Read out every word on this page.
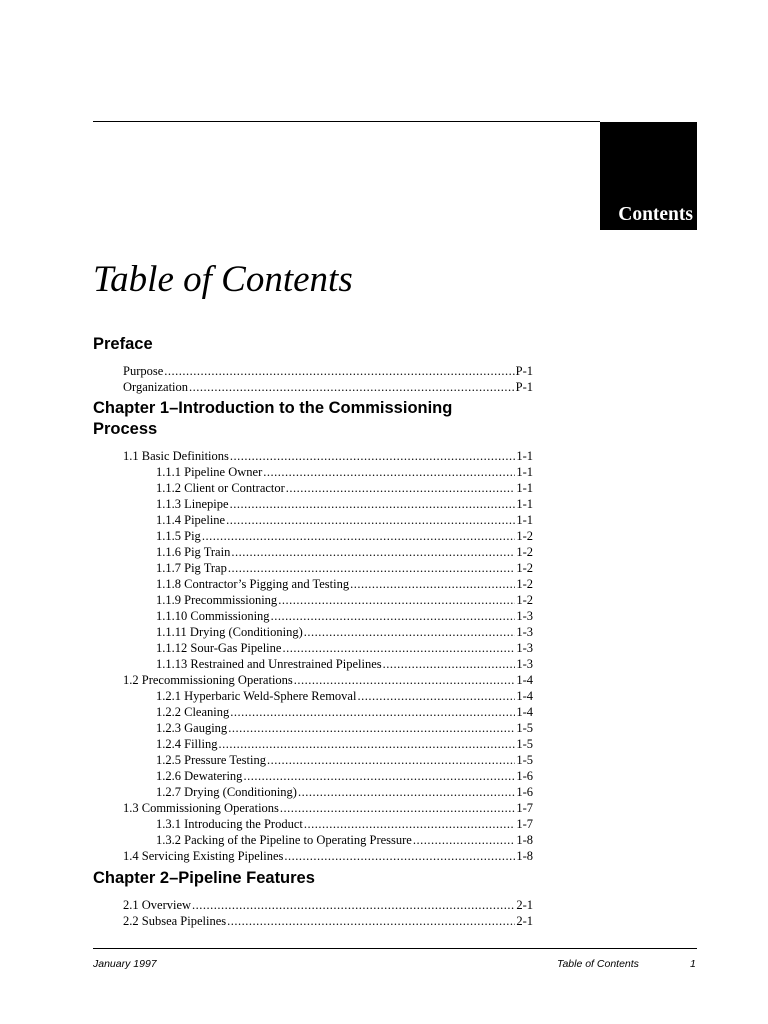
Contents
Table of Contents
Preface
Purpose .....	P-1
Organization .....	P-1
Chapter 1–Introduction to the Commissioning Process
1.1 Basic Definitions .....	1-1
1.1.1 Pipeline Owner .....	1-1
1.1.2 Client or Contractor .....	1-1
1.1.3 Linepipe .....	1-1
1.1.4 Pipeline .....	1-1
1.1.5 Pig .....	1-2
1.1.6 Pig Train .....	1-2
1.1.7 Pig Trap .....	1-2
1.1.8 Contractor’s Pigging and Testing .....	1-2
1.1.9 Precommissioning .....	1-2
1.1.10 Commissioning .....	1-3
1.1.11 Drying (Conditioning) .....	1-3
1.1.12 Sour-Gas Pipeline .....	1-3
1.1.13 Restrained and Unrestrained Pipelines .....	1-3
1.2 Precommissioning Operations .....	1-4
1.2.1 Hyperbaric Weld-Sphere Removal .....	1-4
1.2.2 Cleaning .....	1-4
1.2.3 Gauging .....	1-5
1.2.4 Filling .....	1-5
1.2.5 Pressure Testing .....	1-5
1.2.6 Dewatering .....	1-6
1.2.7 Drying (Conditioning) .....	1-6
1.3 Commissioning Operations .....	1-7
1.3.1 Introducing the Product .....	1-7
1.3.2 Packing of the Pipeline to Operating Pressure .....	1-8
1.4 Servicing Existing Pipelines .....	1-8
Chapter 2–Pipeline Features
2.1 Overview .....	2-1
2.2 Subsea Pipelines .....	2-1
January 1997	Table of Contents	1
